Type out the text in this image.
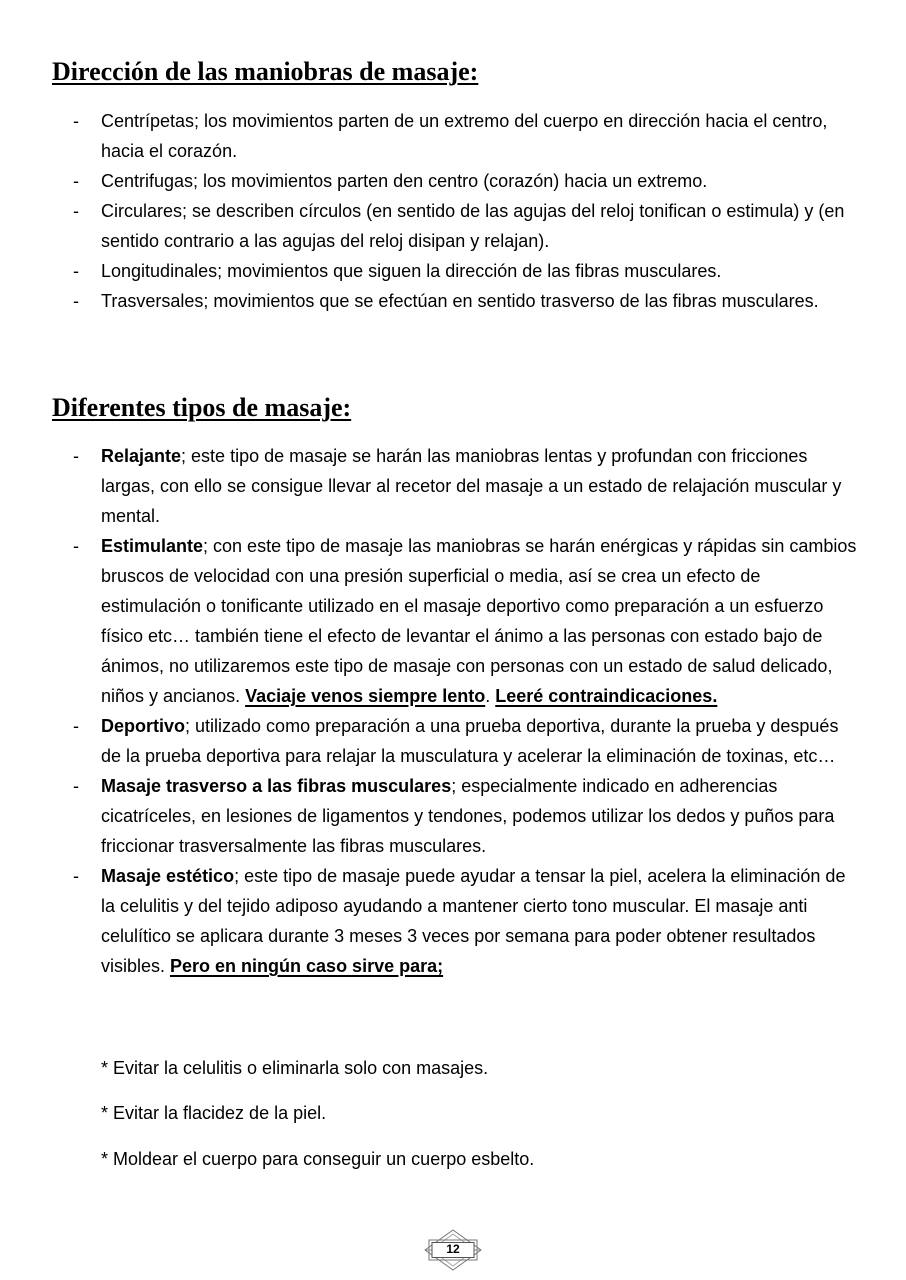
Dirección de las maniobras de masaje:
- Centrípetas; los movimientos parten de un extremo del cuerpo en dirección hacia el centro, hacia el corazón.
- Centrifugas; los movimientos parten den centro (corazón) hacia un extremo.
- Circulares; se describen círculos (en sentido de las agujas del reloj tonifican o estimula) y (en sentido contrario a las agujas del reloj disipan y relajan).
- Longitudinales; movimientos que siguen la dirección de las fibras musculares.
- Trasversales; movimientos que se efectúan en sentido trasverso de las fibras musculares.
Diferentes tipos de masaje:
- Relajante; este tipo de masaje se harán las maniobras lentas y profundan con fricciones largas, con ello se consigue llevar al recetor del masaje a un estado de relajación muscular y mental.
- Estimulante; con este tipo de masaje las maniobras se harán enérgicas y rápidas sin cambios bruscos de velocidad con una presión superficial o media, así se crea un efecto de estimulación o tonificante utilizado en el masaje deportivo como preparación a un esfuerzo físico etc… también tiene el efecto de levantar el ánimo a las personas con estado bajo de ánimos, no utilizaremos este tipo de masaje con personas con un estado de salud delicado, niños y ancianos. Vaciaje venos siempre lento. Leeré contraindicaciones.
- Deportivo; utilizado como preparación a una prueba deportiva, durante la prueba y después de la prueba deportiva para relajar la musculatura y acelerar la eliminación de toxinas, etc…
- Masaje trasverso a las fibras musculares; especialmente indicado en adherencias cicatríceles, en lesiones de ligamentos y tendones, podemos utilizar los dedos y puños para friccionar trasversalmente las fibras musculares.
- Masaje estético; este tipo de masaje puede ayudar a tensar la piel, acelera la eliminación de la celulitis y del tejido adiposo ayudando a mantener cierto tono muscular. El masaje anti celulítico se aplicara durante 3 meses 3 veces por semana para poder obtener resultados visibles. Pero en ningún caso sirve para;

* Evitar la celulitis o eliminarla solo con masajes.

* Evitar la flacidez de la piel.

* Moldear el cuerpo para conseguir un cuerpo esbelto.

12
